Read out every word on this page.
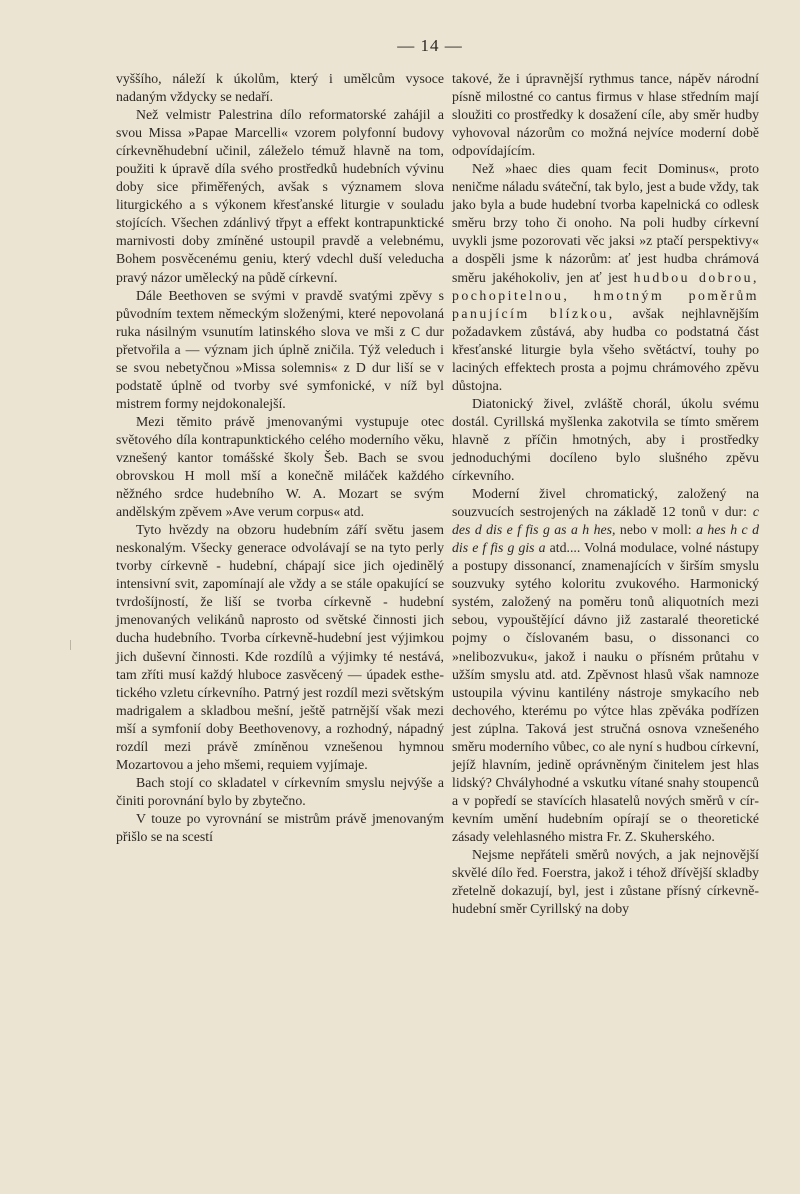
— 14 —

vyššího, náleží k úkolům, který i umělcům vysoce nadaným vždycky se nedaří.

Než velmistr Palestrina dílo reformatorské zahájil a svou Missa »Papae Marcelli« vzorem polyfonní budovy církevněhudební učinil, záleželo témuž hlavně na tom, použiti k úpravě díla svého prostředků hudebních vývinu doby sice přiměřených, avšak s významem slova liturgického a s výkonem křesťanské liturgie v souladu stojících. Všechen zdánlivý třpyt a effekt kontrapunktické marnivosti doby zmíněné ustoupil pravdě a velebnému, Bohem posvěcenému geniu, který vdechl duší veleducha pravý názor umělecký na půdě církevní.

Dále Beethoven se svými v pravdě svatými zpěvy s původním textem německým složenými, které nepovolaná ruka násilným vsunutím latinského slova ve mši z C dur přetvořila a — význam jich úplně zničila. Týž veleduch i se svou nebetyčnou »Missa solemnis« z D dur liší se v podstatě úplně od tvorby své symfonické, v níž byl mistrem formy nejdokonalejší.

Mezi těmito právě jmenovanými vystupuje otec světového díla kontrapunktického celého moderního věku, vznešený kantor tomášské školy Šeb. Bach se svou obrovskou H moll mší a konečně miláček každého něžného srdce hudebního W. A. Mozart se svým andělským zpěvem »Ave verum corpus« atd.

Tyto hvězdy na obzoru hudebním září světu jasem neskonalým. Všecky generace odvolávají se na tyto perly tvorby církevně - hudební, chápají sice jich ojedinělý intensivní svit, zapomínají ale vždy a se stále opakující se tvrdošíjností, že liší se tvorba církevně - hudební jmenovaných velikánů naprosto od světské činnosti jich ducha hudebního. Tvorba církevně-hudební jest výjimkou jich duševní činnosti. Kde rozdílů a výjimky té nestává, tam zříti musí každý hluboce zasvěcený — úpadek esthetického vzletu církevního. Patrný jest rozdíl mezi světským madrigalem a skladbou mešní, ještě patrnější však mezi mší a symfonií doby Beethovenovy, a rozhodný, nápadný rozdíl mezi právě zmíněnou vznešenou hymnou Mozartovou a jeho mšemi, requiem vyjímaje.

Bach stojí co skladatel v církevním smyslu nejvýše a činiti porovnání bylo by zbytečno.

V touze po vyrovnání se mistrům právě jmenovaným přišlo se na scestí

takové, že i úpravnější rythmus tance, nápěv národní písně milostné co cantus firmus v hlase středním mají sloužiti co prostředky k dosažení cíle, aby směr hudby vyhovoval názorům co možná nejvíce moderní době odpovídajícím.

Než »haec dies quam fecit Dominus«, proto neničme náladu sváteční, tak bylo, jest a bude vždy, tak jako byla a bude hudební tvorba kapelnická co odlesk směru brzy toho či onoho. Na poli hudby církevní uvykli jsme pozorovati věc jaksi »z ptačí perspektivy« a dospěli jsme k názorům: ať jest hudba chrámová směru jakéhokoliv, jen ať jest hudbou dobrou, pochopitelnou, hmotným poměrům panujícím blízkou, avšak nejhlavnějším požadavkem zůstává, aby hudba co podstatná část křesťanské liturgie byla všeho světáctví, touhy po laciných effektech prosta a pojmu chrámového zpěvu důstojna.

Diatonický živel, zvláště chorál, úkolu svému dostál. Cyrillská myšlenka zakotvila se tímto směrem hlavně z příčin hmotných, aby i prostředky jednoduchými docíleno bylo slušného zpěvu církevního.

Moderní živel chromatický, založený na souzvucích sestrojených na základě 12 tonů v dur: c des d dis e f fis g as a h hes, nebo v moll: a hes h c d dis e f fis g gis a atd.... Volná modulace, volné nástupy a postupy dissonancí, znamenajících v širším smyslu souzvuky sytého koloritu zvukového. Harmonický systém, založený na poměru tonů aliquotních mezi sebou, vypouštějící dávno již zastaralé theoretické pojmy o číslovaném basu, o dissonanci co »nelibozvuku«, jakož i nauku o přísném průtahu v užším smyslu atd. atd. Zpěvnost hlasů však namnoze ustoupila vývinu kantilény nástroje smykacího neb dechového, kterému po výtce hlas zpěváka podřízen jest zúplna. Taková jest stručná osnova vznešeného směru moderního vůbec, co ale nyní s hudbou církevní, jejíž hlavním, jedině oprávněným činitelem jest hlas lidský? Chvályhodné a vskutku vítané snahy stoupenců a v popředí se stavících hlasatelů nových směrů v církevním umění hudebním opírají se o theoretické zásady velehlasného mistra Fr. Z. Skuherského.

Nejsme nepřáteli směrů nových, a jak nejnovější skvělé dílo řed. Foerstra, jakož i téhož dřívější skladby zřetelně dokazují, byl, jest i zůstane přísný církevně-hudební směr Cyrillský na doby
